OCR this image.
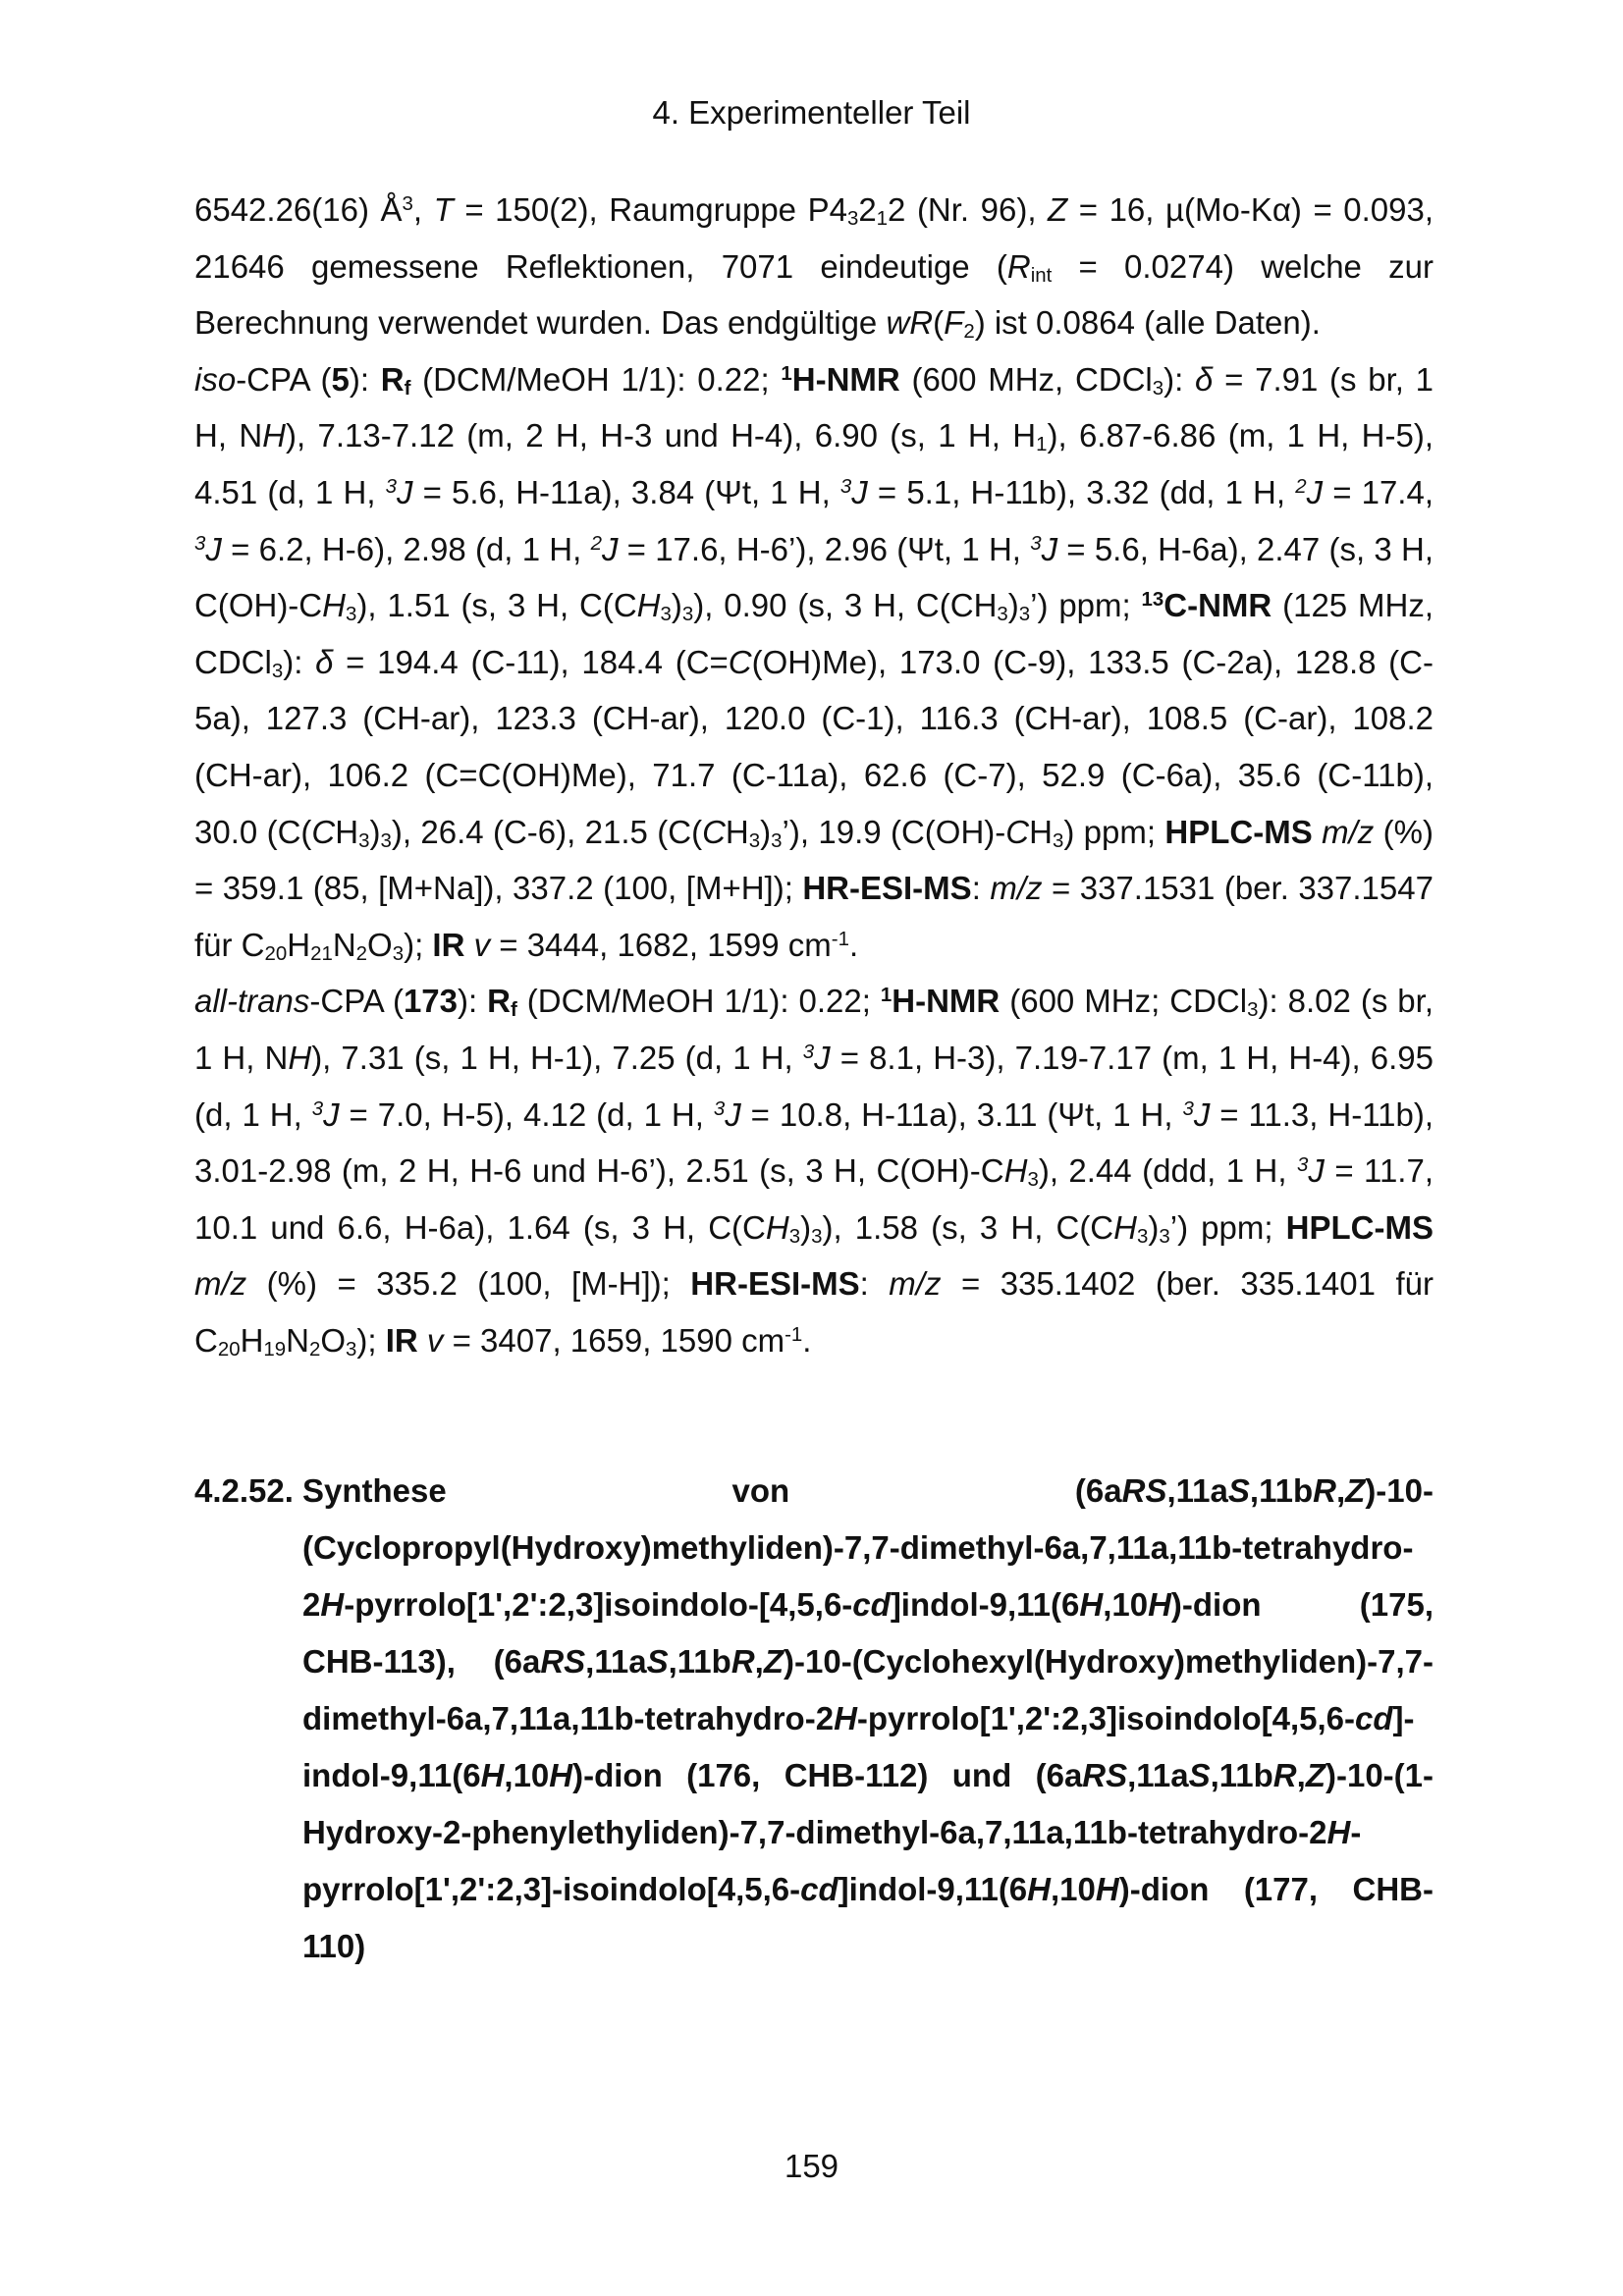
4. Experimenteller Teil

6542.26(16) $Å^3$, T = 150(2), Raumgruppe $P4_32_12$ (Nr. 96), Z = 16, µ(Mo-Kα) = 0.093, 21646 gemessene Reflektionen, 7071 eindeutige $(R_{int} = 0.0274)$ welche zur Berechnung verwendet wurden. Das endgültige $wR(F_2)$ ist 0.0864 (alle Daten).

iso-CPA (5): $R_f$ (DCM/MeOH 1/1): 0.22; $^1$H-NMR (600 MHz, CDCl$_3$): δ = 7.91 (s br, 1 H, NH), 7.13-7.12 (m, 2 H, H-3 und H-4), 6.90 (s, 1 H, $H_1$), 6.87-6.86 (m, 1 H, H-5), 4.51 (d, 1 H, $^3$J = 5.6, H-11a), 3.84 (Ψt, 1 H, $^3$J = 5.1, H-11b), 3.32 (dd, 1 H, $^2$J = 17.4, $^3$J = 6.2, H-6), 2.98 (d, 1 H, $^2$J = 17.6, H-6’), 2.96 (Ψt, 1 H, $^3$J = 5.6, H-6a), 2.47 (s, 3 H, $C(OH)-CH_3$), 1.51 (s, 3 H, $C(CH_3)_3$), 0.90 (s, 3 H, $C(CH_3)_3$’) ppm; $^{13}$C-NMR (125 MHz, CDCl$_3$): δ = 194.4 (C-11), 184.4 (C=C(OH)Me), 173.0 (C-9), 133.5 (C-2a), 128.8 (C-5a), 127.3 (CH-ar), 123.3 (CH-ar), 120.0 (C-1), 116.3 (CH-ar), 108.5 (C-ar), 108.2 (CH-ar), 106.2 (C=C(OH)Me), 71.7 (C-11a), 62.6 (C-7), 52.9 (C-6a), 35.6 (C-11b), 30.0 $(C(CH_3)_3)$, 26.4 (C-6), 21.5 $(C(CH_3)_3’)$, 19.9 $(C(OH)-CH_3)$ ppm; HPLC-MS m/z (%) = 359.1 (85, [M+Na]), 337.2 (100, [M+H]); HR-ESI-MS: m/z = 337.1531 (ber. 337.1547 für $C_{20}H_{21}N_2O_3$); IR v = 3444, 1682, 1599 $cm^{-1}$.

all-trans-CPA (173): $R_f$ (DCM/MeOH 1/1): 0.22; $^1$H-NMR (600 MHz; CDCl$_3$): 8.02 (s br, 1 H, NH), 7.31 (s, 1 H, H-1), 7.25 (d, 1 H, $^3$J = 8.1, H-3), 7.19-7.17 (m, 1 H, H-4), 6.95 (d, 1 H, $^3$J = 7.0, H-5), 4.12 (d, 1 H, $^3$J = 10.8, H-11a), 3.11 (Ψt, 1 H, $^3$J = 11.3, H-11b), 3.01-2.98 (m, 2 H, H-6 und H-6’), 2.51 (s, 3 H, $C(OH)-CH_3$), 2.44 (ddd, 1 H, $^3$J = 11.7, 10.1 und 6.6, H-6a), 1.64 (s, 3 H, $C(CH_3)_3$), 1.58 (s, 3 H, $C(CH_3)_3$’) ppm; HPLC-MS m/z (%) = 335.2 (100, [M-H]); HR-ESI-MS: m/z = 335.1402 (ber. 335.1401 für $C_{20}H_{19}N_2O_3$); IR v = 3407, 1659, 1590 $cm^{-1}$.

4.2.52. Synthese von (6aRS,11aS,11bR,Z)-10-(Cyclopropyl(Hydroxy)methyliden)-7,7-dimethyl-6a,7,11a,11b-tetrahydro-2H-pyrrolo[1',2':2,3]isoindolo-[4,5,6-cd]indol-9,11(6H,10H)-dion (175, CHB-113), (6aRS,11aS,11bR,Z)-10-(Cyclohexyl(Hydroxy)methyliden)-7,7-dimethyl-6a,7,11a,11b-tetrahydro-2H-pyrrolo[1',2':2,3]isoindolo[4,5,6-cd]-indol-9,11(6H,10H)-dion (176, CHB-112) und (6aRS,11aS,11bR,Z)-10-(1-Hydroxy-2-phenylethyliden)-7,7-dimethyl-6a,7,11a,11b-tetrahydro-2H-pyrrolo[1',2':2,3]-isoindolo[4,5,6-cd]indol-9,11(6H,10H)-dion (177, CHB-110)
159
